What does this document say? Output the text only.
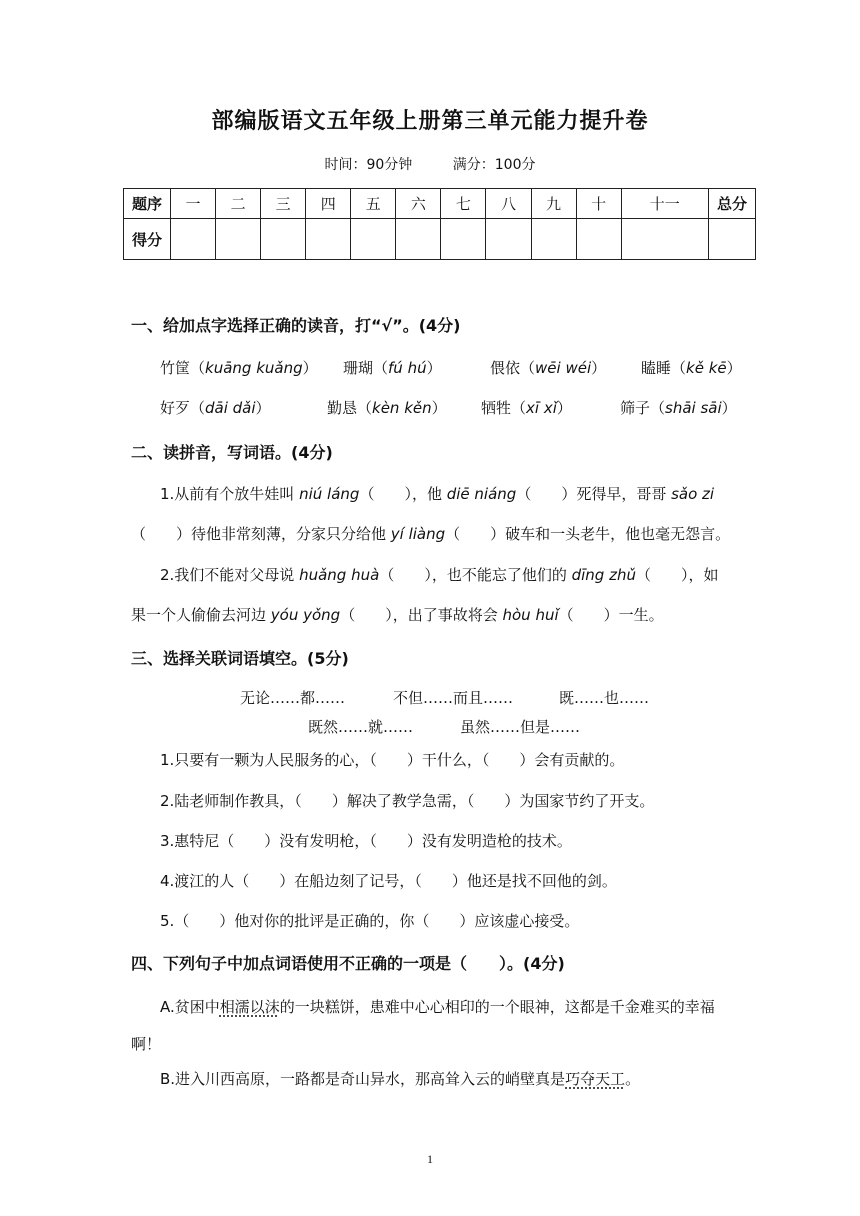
部编版语文五年级上册第三单元能力提升卷
时间：90分钟	满分：100分
题序	一	二	三	四	五	六	七	八	九	十	十一	总分
得分												
一、给加点字选择正确的读音，打“√”。(4分)
竹筐（kuāng kuǎng） 珊瑚（fú hú）	偎依（wēi wéi） 瞌睡（kě kē）
好歹（dāi dǎi）	勤恳（kèn kěn） 牺牲（xī xǐ）	筛子（shāi sāi）
二、读拼音，写词语。(4分)
1.从前有个放牛娃叫 niú láng（　　），他 diē niáng（　　）死得早，哥哥 sǎo zi
（　　）待他非常刻薄，分家只分给他 yí liàng（　　）破车和一头老牛，他也毫无怨言。
2.我们不能对父母说 huǎng huà（　　），也不能忘了他们的 dīng zhǔ（　　），如
果一个人偷偷去河边 yóu yǒng（　　），出了事故将会 hòu huǐ（　　）一生。
三、选择关联词语填空。(5分)
无论……都……	不但……而且……	既……也……
既然……就……	虽然……但是……
1.只要有一颗为人民服务的心，（　　）干什么，（　　）会有贡献的。
2.陆老师制作教具，（　　）解决了教学急需，（　　）为国家节约了开支。
3.惠特尼（　　）没有发明枪，（　　）没有发明造枪的技术。
4.渡江的人（　　）在船边刻了记号，（　　）他还是找不回他的剑。
5.（　　）他对你的批评是正确的，你（　　）应该虚心接受。
四、下列句子中加点词语使用不正确的一项是（　　）。(4分)
A.贫困中相濡以沫的一块糕饼，患难中心心相印的一个眼神，这都是千金难买的幸福
啊！
B.进入川西高原，一路都是奇山异水，那高耸入云的峭壁真是巧夺天工。
1
